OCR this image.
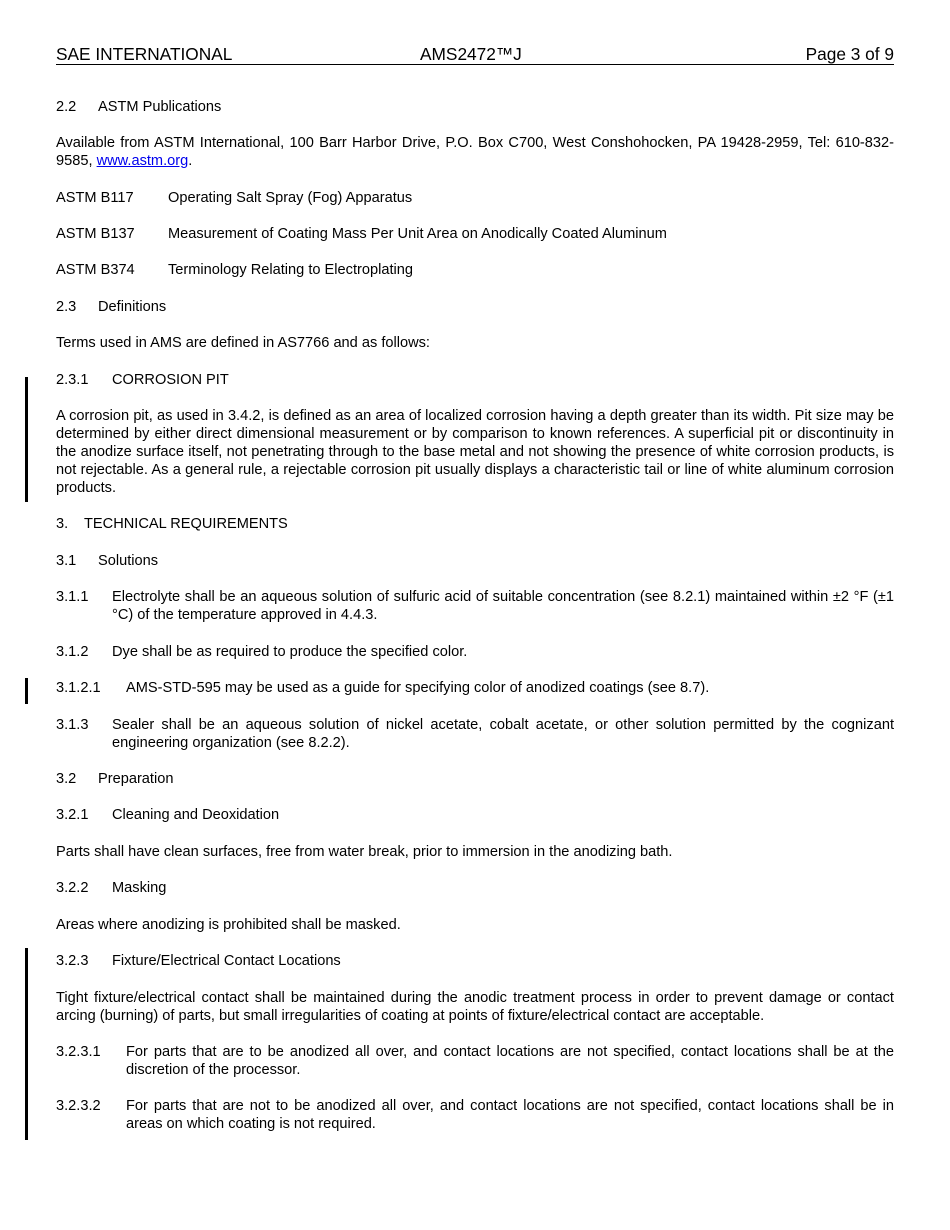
SAE INTERNATIONAL	AMS2472™J	Page 3 of 9
2.2 ASTM Publications

Available from ASTM International, 100 Barr Harbor Drive, P.O. Box C700, West Conshohocken, PA 19428-2959, Tel: 610-832-9585, www.astm.org.

ASTM B117 Operating Salt Spray (Fog) Apparatus
ASTM B137 Measurement of Coating Mass Per Unit Area on Anodically Coated Aluminum
ASTM B374 Terminology Relating to Electroplating
2.3 Definitions

Terms used in AMS are defined in AS7766 and as follows:

2.3.1 CORROSION PIT

A corrosion pit, as used in 3.4.2, is defined as an area of localized corrosion having a depth greater than its width. Pit size may be determined by either direct dimensional measurement or by comparison to known references. A superficial pit or discontinuity in the anodize surface itself, not penetrating through to the base metal and not showing the presence of white corrosion products, is not rejectable. As a general rule, a rejectable corrosion pit usually displays a characteristic tail or line of white aluminum corrosion products.

3. TECHNICAL REQUIREMENTS
3.1 Solutions
3.1.1 Electrolyte shall be an aqueous solution of sulfuric acid of suitable concentration (see 8.2.1) maintained within ±2 °F (±1 °C) of the temperature approved in 4.4.3.
3.1.2 Dye shall be as required to produce the specified color.
3.1.2.1 AMS-STD-595 may be used as a guide for specifying color of anodized coatings (see 8.7).
3.1.3 Sealer shall be an aqueous solution of nickel acetate, cobalt acetate, or other solution permitted by the cognizant engineering organization (see 8.2.2).
3.2 Preparation
3.2.1 Cleaning and Deoxidation

Parts shall have clean surfaces, free from water break, prior to immersion in the anodizing bath.

3.2.2 Masking

Areas where anodizing is prohibited shall be masked.

3.2.3 Fixture/Electrical Contact Locations

Tight fixture/electrical contact shall be maintained during the anodic treatment process in order to prevent damage or contact arcing (burning) of parts, but small irregularities of coating at points of fixture/electrical contact are acceptable.

3.2.3.1 For parts that are to be anodized all over, and contact locations are not specified, contact locations shall be at the discretion of the processor.
3.2.3.2 For parts that are not to be anodized all over, and contact locations are not specified, contact locations shall be in areas on which coating is not required.
